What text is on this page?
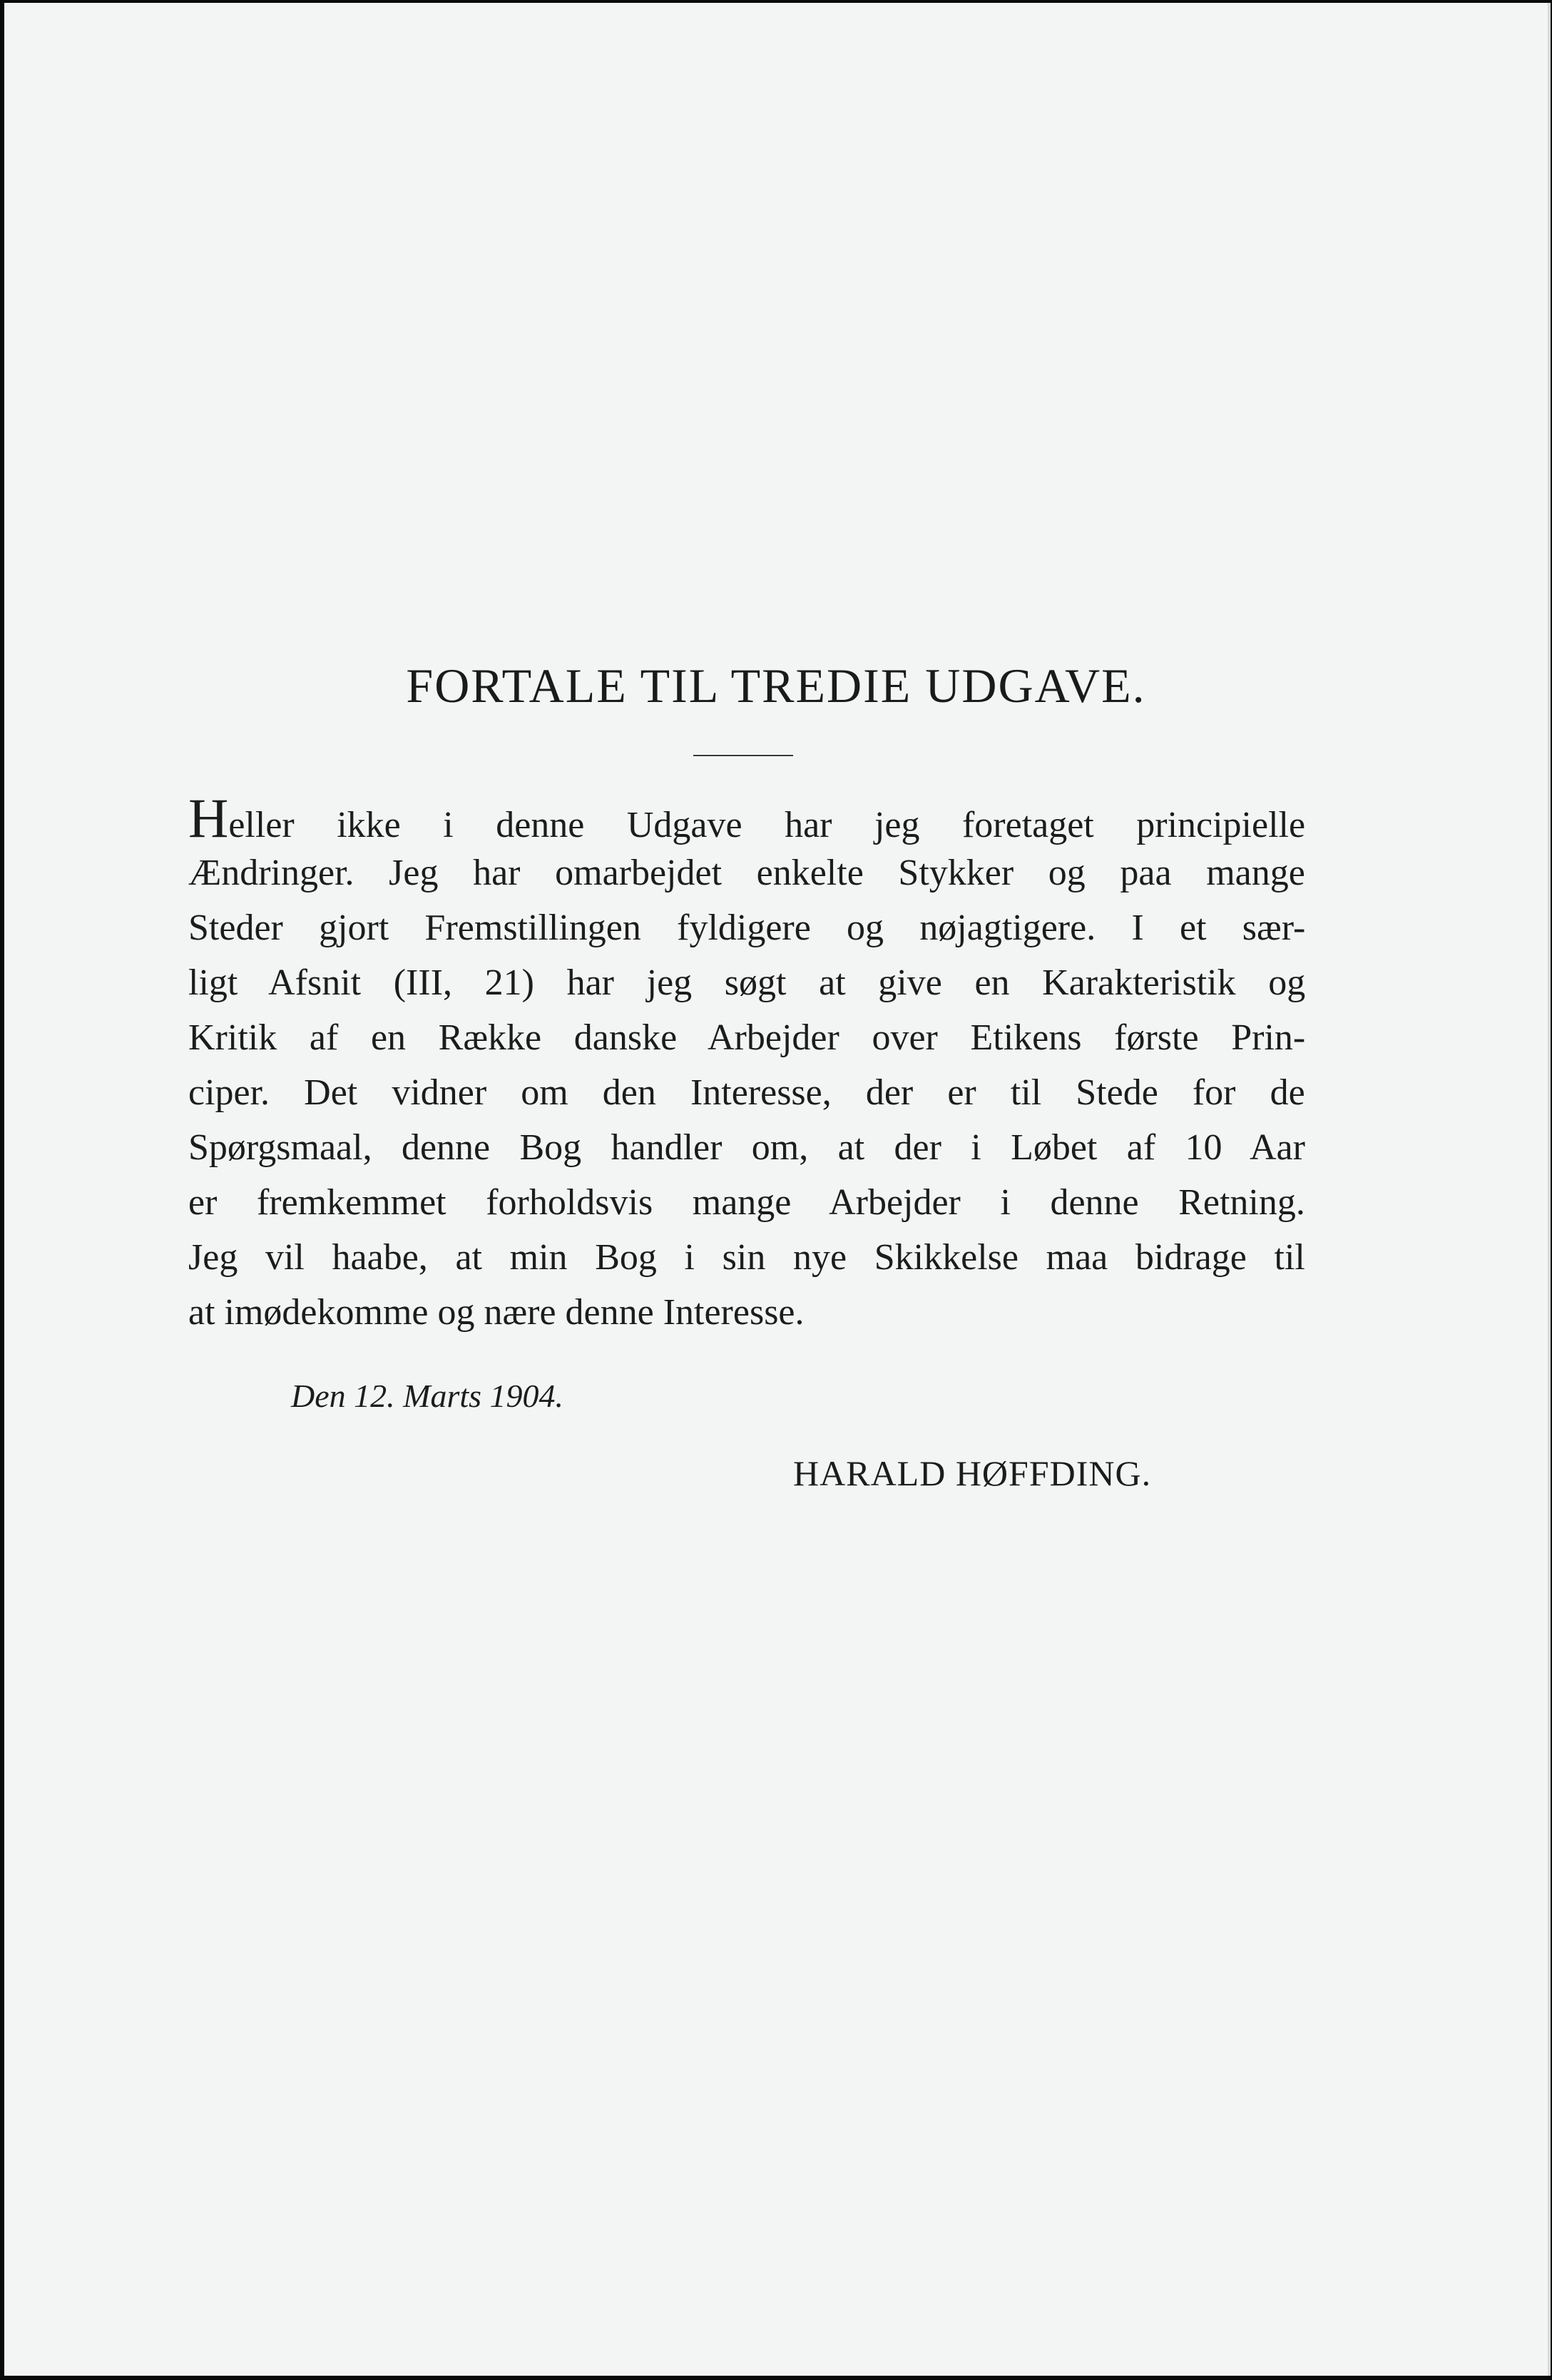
FORTALE TIL TREDIE UDGAVE.
Heller ikke i denne Udgave har jeg foretaget principielle
Ændringer. Jeg har omarbejdet enkelte Stykker og paa mange
Steder gjort Fremstillingen fyldigere og nøjagtigere. I et sær-
ligt Afsnit (III, 21) har jeg søgt at give en Karakteristik og
Kritik af en Række danske Arbejder over Etikens første Prin-
ciper. Det vidner om den Interesse, der er til Stede for de
Spørgsmaal, denne Bog handler om, at der i Løbet af 10 Aar
er fremkemmet forholdsvis mange Arbejder i denne Retning.
Jeg vil haabe, at min Bog i sin nye Skikkelse maa bidrage til
at imødekomme og nære denne Interesse.
Den 12. Marts 1904.
HARALD HØFFDING.
